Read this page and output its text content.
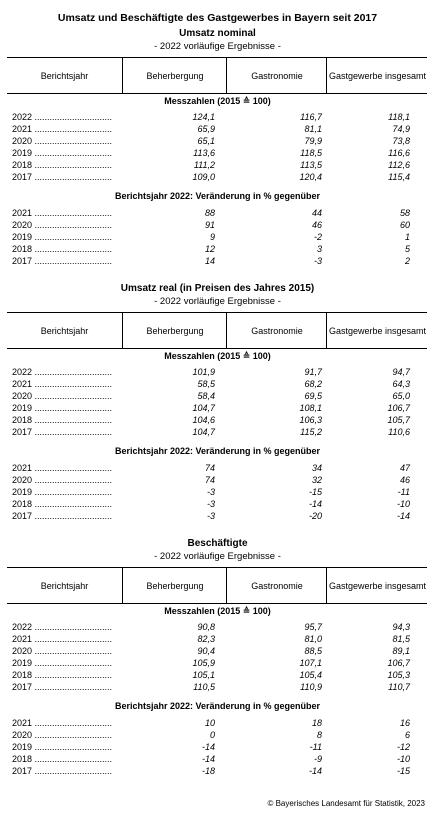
Umsatz und Beschäftigte des Gastgewerbes in Bayern seit 2017
Umsatz nominal
- 2022 vorläufige Ergebnisse -
Berichtsjahr	Beherbergung	Gastronomie	Gastgewerbe insgesamt
Messzahlen (2015 ≙ 100)
2022 ...............................	124,1	116,7	118,1
2021 ...............................	65,9	81,1	74,9
2020 ...............................	65,1	79,9	73,8
2019 ...............................	113,6	118,5	116,6
2018 ...............................	111,2	113,5	112,6
2017 ...............................	109,0	120,4	115,4
Berichtsjahr 2022: Veränderung in % gegenüber
2021 ...............................	88	44	58
2020 ...............................	91	46	60
2019 ...............................	9	-2	1
2018 ...............................	12	3	5
2017 ...............................	14	-3	2
Umsatz real (in Preisen des Jahres 2015)
- 2022 vorläufige Ergebnisse -
Berichtsjahr	Beherbergung	Gastronomie	Gastgewerbe insgesamt
Messzahlen (2015 ≙ 100)
2022 ...............................	101,9	91,7	94,7
2021 ...............................	58,5	68,2	64,3
2020 ...............................	58,4	69,5	65,0
2019 ...............................	104,7	108,1	106,7
2018 ...............................	104,6	106,3	105,7
2017 ...............................	104,7	115,2	110,6
Berichtsjahr 2022: Veränderung in % gegenüber
2021 ...............................	74	34	47
2020 ...............................	74	32	46
2019 ...............................	-3	-15	-11
2018 ...............................	-3	-14	-10
2017 ...............................	-3	-20	-14
Beschäftigte
- 2022 vorläufige Ergebnisse -
Berichtsjahr	Beherbergung	Gastronomie	Gastgewerbe insgesamt
Messzahlen (2015 ≙ 100)
2022 ...............................	90,8	95,7	94,3
2021 ...............................	82,3	81,0	81,5
2020 ...............................	90,4	88,5	89,1
2019 ...............................	105,9	107,1	106,7
2018 ...............................	105,1	105,4	105,3
2017 ...............................	110,5	110,9	110,7
Berichtsjahr 2022: Veränderung in % gegenüber
2021 ...............................	10	18	16
2020 ...............................	0	8	6
2019 ...............................	-14	-11	-12
2018 ...............................	-14	-9	-10
2017 ...............................	-18	-14	-15
© Bayerisches Landesamt für Statistik, 2023
